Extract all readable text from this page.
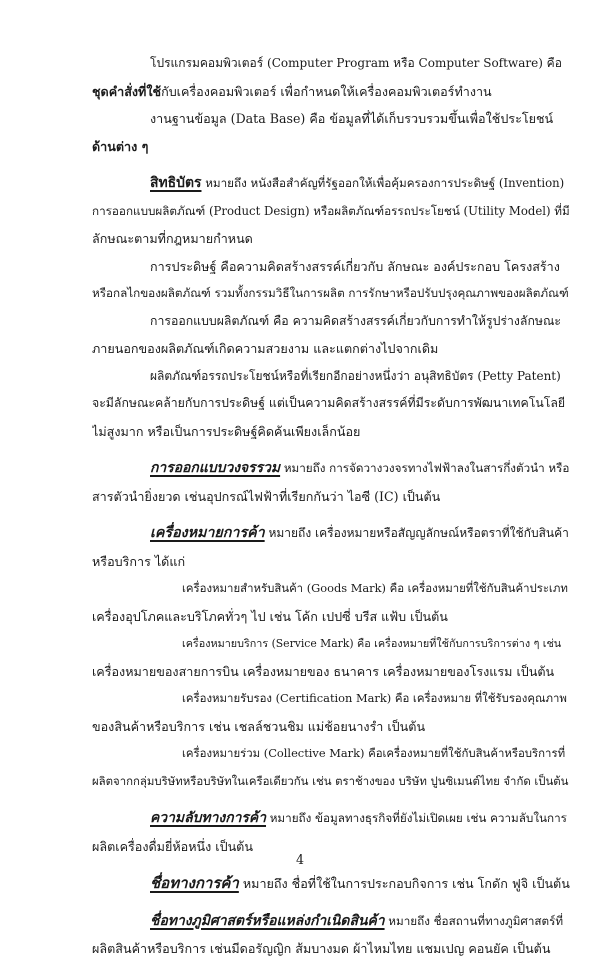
โปรแกรมคอมพิวเตอร์ (Computer Program หรือ Computer Software) คือ
ชุดคำสั่งที่ใช้กับเครื่องคอมพิวเตอร์ เพื่อกำหนดให้เครื่องคอมพิวเตอร์ทำงาน
งานฐานข้อมูล (Data Base) คือ ข้อมูลที่ได้เก็บรวบรวมขึ้นเพื่อใช้ประโยชน์
ด้านต่าง ๆ
สิทธิบัตร หมายถึง หนังสือสำคัญที่รัฐออกให้เพื่อคุ้มครองการประดิษฐ์ (Invention)
การออกแบบผลิตภัณฑ์ (Product Design) หรือผลิตภัณฑ์อรรถประโยชน์ (Utility Model) ที่มี
ลักษณะตามที่กฎหมายกำหนด
การประดิษฐ์ คือความคิดสร้างสรรค์เกี่ยวกับ ลักษณะ องค์ประกอบ โครงสร้าง
หรือกลไกของผลิตภัณฑ์ รวมทั้งกรรมวิธีในการผลิต การรักษาหรือปรับปรุงคุณภาพของผลิตภัณฑ์
การออกแบบผลิตภัณฑ์ คือ ความคิดสร้างสรรค์เกี่ยวกับการทำให้รูปร่างลักษณะ
ภายนอกของผลิตภัณฑ์เกิดความสวยงาม และแตกต่างไปจากเดิม
ผลิตภัณฑ์อรรถประโยชน์หรือที่เรียกอีกอย่างหนึ่งว่า อนุสิทธิบัตร (Petty Patent)
จะมีลักษณะคล้ายกับการประดิษฐ์ แต่เป็นความคิดสร้างสรรค์ที่มีระดับการพัฒนาเทคโนโลยี
ไม่สูงมาก หรือเป็นการประดิษฐ์คิดค้นเพียงเล็กน้อย
การออกแบบวงจรรวม หมายถึง การจัดวางวงจรทางไฟฟ้าลงในสารกึ่งตัวนำ หรือ
สารตัวนำยิ่งยวด เช่นอุปกรณ์ไฟฟ้าที่เรียกกันว่า ไอซี (IC) เป็นต้น
เครื่องหมายการค้า หมายถึง เครื่องหมายหรือสัญญลักษณ์หรือตราที่ใช้กับสินค้า
หรือบริการ ได้แก่
เครื่องหมายสำหรับสินค้า (Goods Mark) คือ เครื่องหมายที่ใช้กับสินค้าประเภท
เครื่องอุปโภคและบริโภคทั่วๆ ไป เช่น โค้ก เปปซี่ บรีส แฟ้บ เป็นต้น
เครื่องหมายบริการ (Service Mark) คือ เครื่องหมายที่ใช้กับการบริการต่าง ๆ เช่น
เครื่องหมายของสายการบิน เครื่องหมายของ ธนาคาร เครื่องหมายของโรงแรม เป็นต้น
เครื่องหมายรับรอง (Certification Mark) คือ เครื่องหมาย ที่ใช้รับรองคุณภาพ
ของสินค้าหรือบริการ เช่น เชลล์ชวนชิม แม่ช้อยนางรำ เป็นต้น
เครื่องหมายร่วม (Collective Mark) คือเครื่องหมายที่ใช้กับสินค้าหรือบริการที่
ผลิตจากกลุ่มบริษัทหรือบริษัทในเครือเดียวกัน เช่น ตราช้างของ บริษัท ปูนซิเมนต์ไทย จำกัด เป็นต้น
ความลับทางการค้า หมายถึง ข้อมูลทางธุรกิจที่ยังไม่เปิดเผย เช่น ความลับในการ
ผลิตเครื่องดื่มยี่ห้อหนึ่ง เป็นต้น
ชื่อทางการค้า หมายถึง ชื่อที่ใช้ในการประกอบกิจการ เช่น โกดัก ฟูจิ เป็นต้น
ชื่อทางภูมิศาสตร์หรือแหล่งกำเนิดสินค้า หมายถึง ชื่อสถานที่ทางภูมิศาสตร์ที่
ผลิตสินค้าหรือบริการ เช่นมีดอรัญญิก ส้มบางมด ผ้าไหมไทย แชมเปญ คอนยัค เป็นต้น
4
